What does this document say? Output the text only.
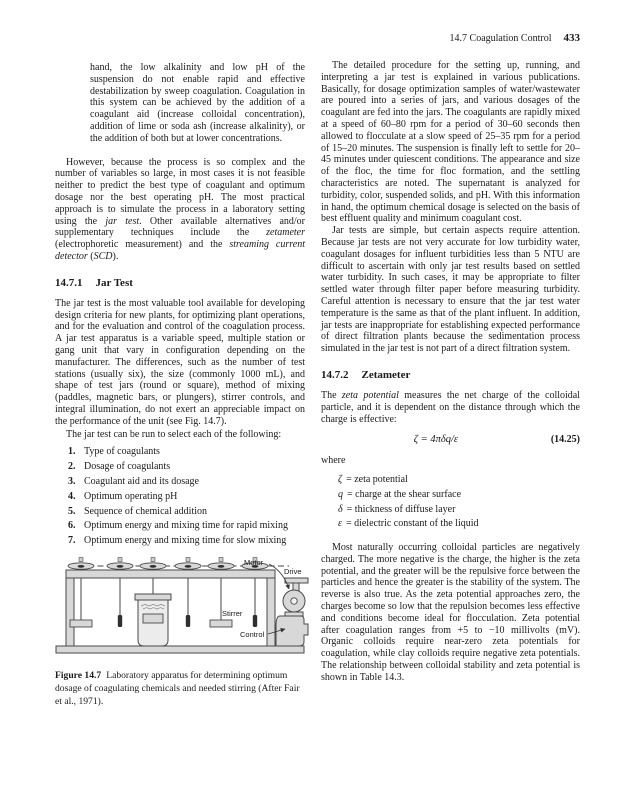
14.7 Coagulation Control 433

hand, the low alkalinity and low pH of the suspension do not enable rapid and effective destabilization by sweep coagulation. Coagulation in this system can be achieved by the addition of a coagulant aid (increase colloidal concentration), addition of lime or soda ash (increase alkalinity), or the addition of both but at lower concentrations.

However, because the process is so complex and the number of variables so large, in most cases it is not feasible neither to predict the best type of coagulant and optimum dosage nor the best operating pH. The most practical approach is to simulate the process in a laboratory setting using the jar test. Other available alternatives and/or supplementary techniques include the zetameter (electrophoretic measurement) and the streaming current detector (SCD).

14.7.1 Jar Test

The jar test is the most valuable tool available for developing design criteria for new plants, for optimizing plant operations, and for the evaluation and control of the coagulation process. A jar test apparatus is a variable speed, multiple station or gang unit that vary in configuration depending on the manufacturer. The differences, such as the number of test stations (usually six), the size (commonly 1000 mL), and shape of test jars (round or square), method of mixing (paddles, magnetic bars, or plungers), stirrer controls, and integral illumination, do not exert an appreciable impact on the performance of the unit (see Fig. 14.7).

The jar test can be run to select each of the following:

1. Type of coagulants
2. Dosage of coagulants
3. Coagulant aid and its dosage
4. Optimum operating pH
5. Sequence of chemical addition
6. Optimum energy and mixing time for rapid mixing
7. Optimum energy and mixing time for slow mixing
Motor
Drive
Stirrer
Control
Figure 14.7 Laboratory apparatus for determining optimum dosage of coagulating chemicals and needed stirring (After Fair et al., 1971).

The detailed procedure for the setting up, running, and interpreting a jar test is explained in various publications. Basically, for dosage optimization samples of water/wastewater are poured into a series of jars, and various dosages of the coagulant are fed into the jars. The coagulants are rapidly mixed at a speed of 60–80 rpm for a period of 30–60 seconds then allowed to flocculate at a slow speed of 25–35 rpm for a period of 15–20 minutes. The suspension is finally left to settle for 20–45 minutes under quiescent conditions. The appearance and size of the floc, the time for floc formation, and the settling characteristics are noted. The supernatant is analyzed for turbidity, color, suspended solids, and pH. With this information in hand, the optimum chemical dosage is selected on the basis of best effluent quality and minimum coagulant cost.

Jar tests are simple, but certain aspects require attention. Because jar tests are not very accurate for low turbidity water, coagulant dosages for influent turbidities less than 5 NTU are difficult to ascertain with only jar test results based on settled water turbidity. In such cases, it may be appropriate to filter settled water through filter paper before measuring turbidity. Careful attention is necessary to ensure that the jar test water temperature is the same as that of the plant influent. In addition, jar tests are inappropriate for establishing expected performance of direct filtration plants because the sedimentation process simulated in the jar test is not part of a direct filtration system.

14.7.2 Zetameter

The zeta potential measures the net charge of the colloidal particle, and it is dependent on the distance through which the charge is effective:

ζ = 4πδq/ε	(14.25)

where

ζ = zeta potential
q = charge at the shear surface
δ = thickness of diffuse layer
ε = dielectric constant of the liquid

Most naturally occurring colloidal particles are negatively charged. The more negative is the charge, the higher is the zeta potential, and the greater will be the repulsive force between the particles and hence the greater is the stability of the system. The reverse is also true. As the zeta potential approaches zero, the charges become so low that the repulsion becomes less effective and conditions become ideal for flocculation. Zeta potential after coagulation ranges from +5 to −10 millivolts (mV). Organic colloids require near-zero zeta potentials for coagulation, while clay colloids require negative zeta potentials. The relationship between colloidal stability and zeta potential is shown in Table 14.3.
